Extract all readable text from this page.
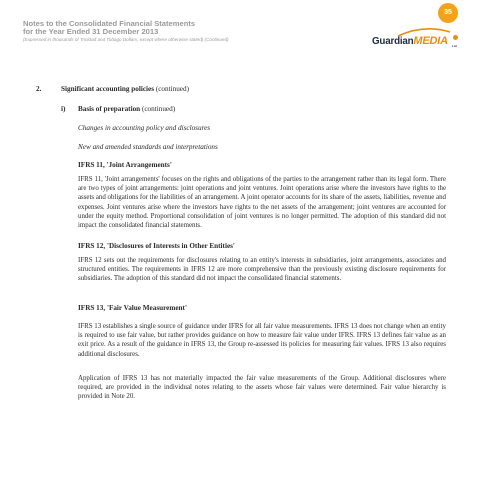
Notes to the Consolidated Financial Statements
for the Year Ended 31 December 2013
(Expressed in thousands of Trinidad and Tobago Dollars, except where otherwise stated) (Continued)
35
GuardianMEDIA Ltd
2.	Significant accounting policies (continued)
i) Basis of preparation (continued)
Changes in accounting policy and disclosures
New and amended standards and interpretations
IFRS 11, 'Joint Arrangements'
IFRS 11, 'Joint arrangements' focuses on the rights and obligations of the parties to the arrangement rather than its legal form. There are two types of joint arrangements: joint operations and joint ventures. Joint operations arise where the investors have rights to the assets and obligations for the liabilities of an arrangement. A joint operator accounts for its share of the assets, liabilities, revenue and expenses. Joint ventures arise where the investors have rights to the net assets of the arrangement; joint ventures are accounted for under the equity method. Proportional consolidation of joint ventures is no longer permitted. The adoption of this standard did not impact the consolidated financial statements.
IFRS 12, 'Disclosures of Interests in Other Entities'
IFRS 12 sets out the requirements for disclosures relating to an entity's interests in subsidiaries, joint arrangements, associates and structured entities. The requirements in IFRS 12 are more comprehensive than the previously existing disclosure requirements for subsidiaries. The adoption of this standard did not impact the consolidated financial statements.
IFRS 13, 'Fair Value Measurement'
IFRS 13 establishes a single source of guidance under IFRS for all fair value measurements. IFRS 13 does not change when an entity is required to use fair value, but rather provides guidance on how to measure fair value under IFRS. IFRS 13 defines fair value as an exit price. As a result of the guidance in IFRS 13, the Group re-assessed its policies for measuring fair values. IFRS 13 also requires additional disclosures.
Application of IFRS 13 has not materially impacted the fair value measurements of the Group. Additional disclosures where required, are provided in the individual notes relating to the assets whose fair values were determined. Fair value hierarchy is provided in Note 20.
